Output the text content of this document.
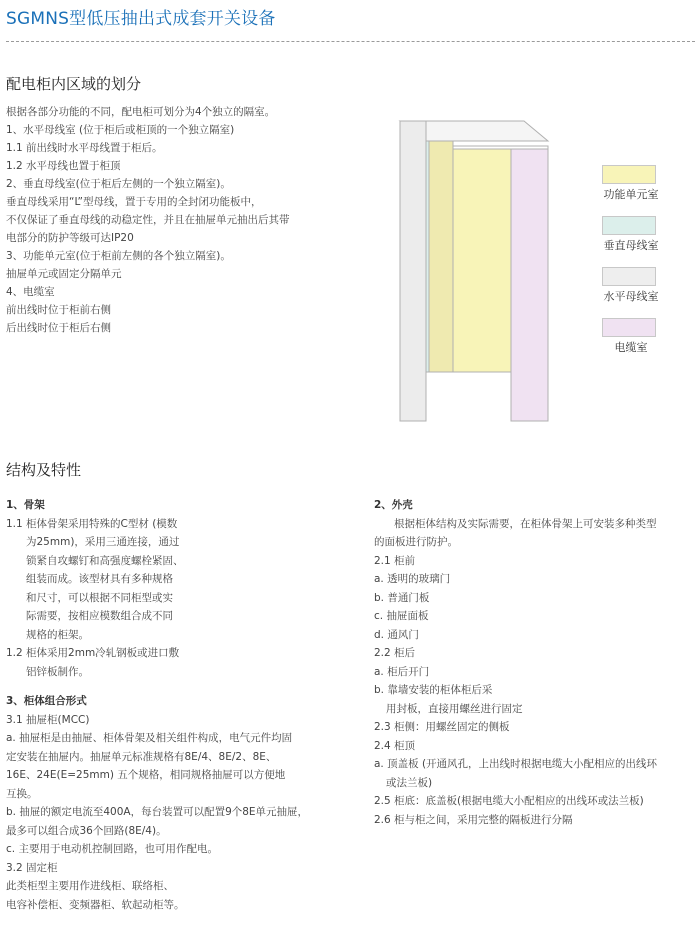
SGMNS型低压抽出式成套开关设备
配电柜内区域的划分
根据各部分功能的不同，配电柜可划分为4个独立的隔室。
1、水平母线室 (位于柜后或柜顶的一个独立隔室)
1.1 前出线时水平母线置于柜后。
1.2 水平母线也置于柜顶
2、垂直母线室(位于柜后左侧的一个独立隔室)。
垂直母线采用“L”型母线，置于专用的全封闭功能板中，
不仅保证了垂直母线的动稳定性，并且在抽屉单元抽出后其带
电部分的防护等级可达IP20
3、功能单元室(位于柜前左侧的各个独立隔室)。
抽屉单元或固定分隔单元
4、电缆室
前出线时位于柜前右侧
后出线时位于柜后右侧
功能单元室
垂直母线室
水平母线室
电缆室
结构及特性
1、骨架
1.1 柜体骨架采用特殊的C型材 (模数
为25mm)，采用三通连接，通过
锁紧自攻螺钉和高强度螺栓紧固、
组装而成。该型材具有多种规格
和尺寸，可以根据不同柜型或实
际需要，按相应模数组合成不同
规格的柜架。
1.2 柜体采用2mm冷轧钢板或进口敷
铝锌板制作。
3、柜体组合形式
3.1 抽屉柜(MCC)
a. 抽屉柜是由抽屉、柜体骨架及相关组件构成，电气元件均固
定安装在抽屉内。抽屉单元标准规格有8E/4、8E/2、8E、
16E、24E(E=25mm) 五个规格，相同规格抽屉可以方便地
互换。
b. 抽屉的额定电流至400A，每台装置可以配置9个8E单元抽屉，
最多可以组合成36个回路(8E/4)。
c. 主要用于电动机控制回路，也可用作配电。
3.2 固定柜
此类柜型主要用作进线柜、联络柜、
电容补偿柜、变频器柜、软起动柜等。
2、外壳
根据柜体结构及实际需要，在柜体骨架上可安装多种类型
的面板进行防护。
2.1 柜前
a. 透明的玻璃门
b. 普通门板
c. 抽屉面板
d. 通风门
2.2 柜后
a. 柜后开门
b. 靠墙安装的柜体柜后采
用封板，直接用螺丝进行固定
2.3 柜侧：用螺丝固定的侧板
2.4 柜顶
a. 顶盖板 (开通风孔，上出线时根据电缆大小配相应的出线环
或法兰板)
2.5 柜底：底盖板(根据电缆大小配相应的出线环或法兰板)
2.6 柜与柜之间，采用完整的隔板进行分隔
